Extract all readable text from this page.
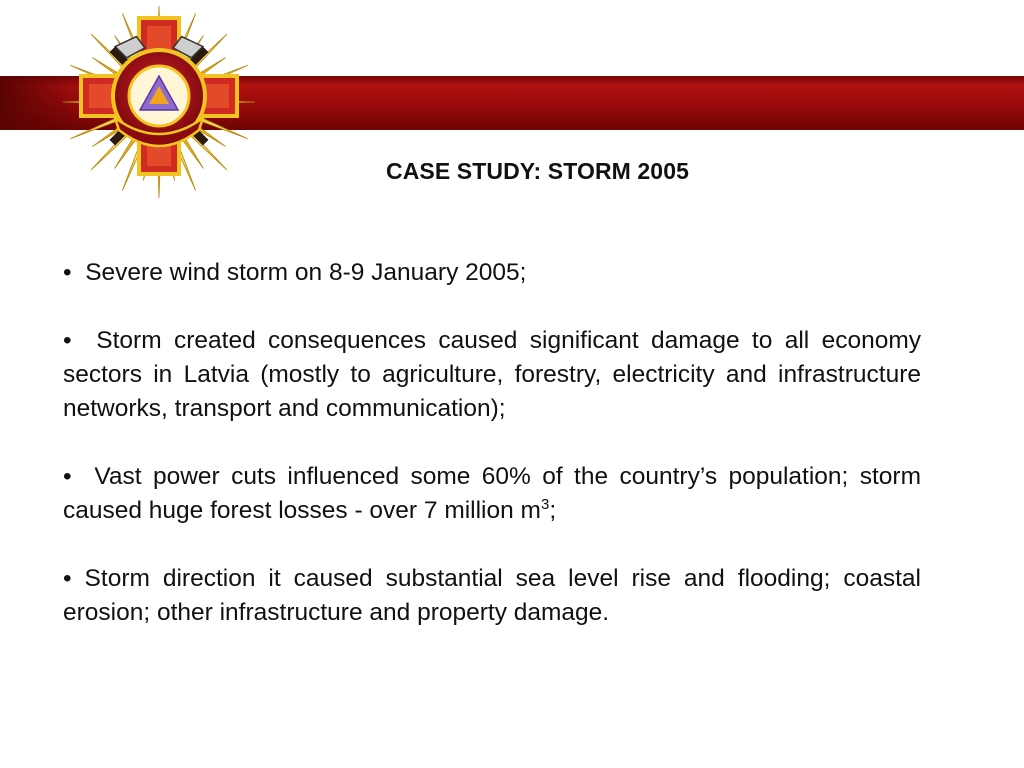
CASE STUDY: STORM 2005

• Severe wind storm on 8-9 January 2005;

• Storm created consequences caused significant damage to all economy sectors in Latvia (mostly to agriculture, forestry, electricity and infrastructure networks, transport and communication);

• Vast power cuts influenced some 60% of the country’s population; storm caused huge forest losses - over 7 million $m^3$;

• Storm direction it caused substantial sea level rise and flooding; coastal erosion; other infrastructure and property damage.
